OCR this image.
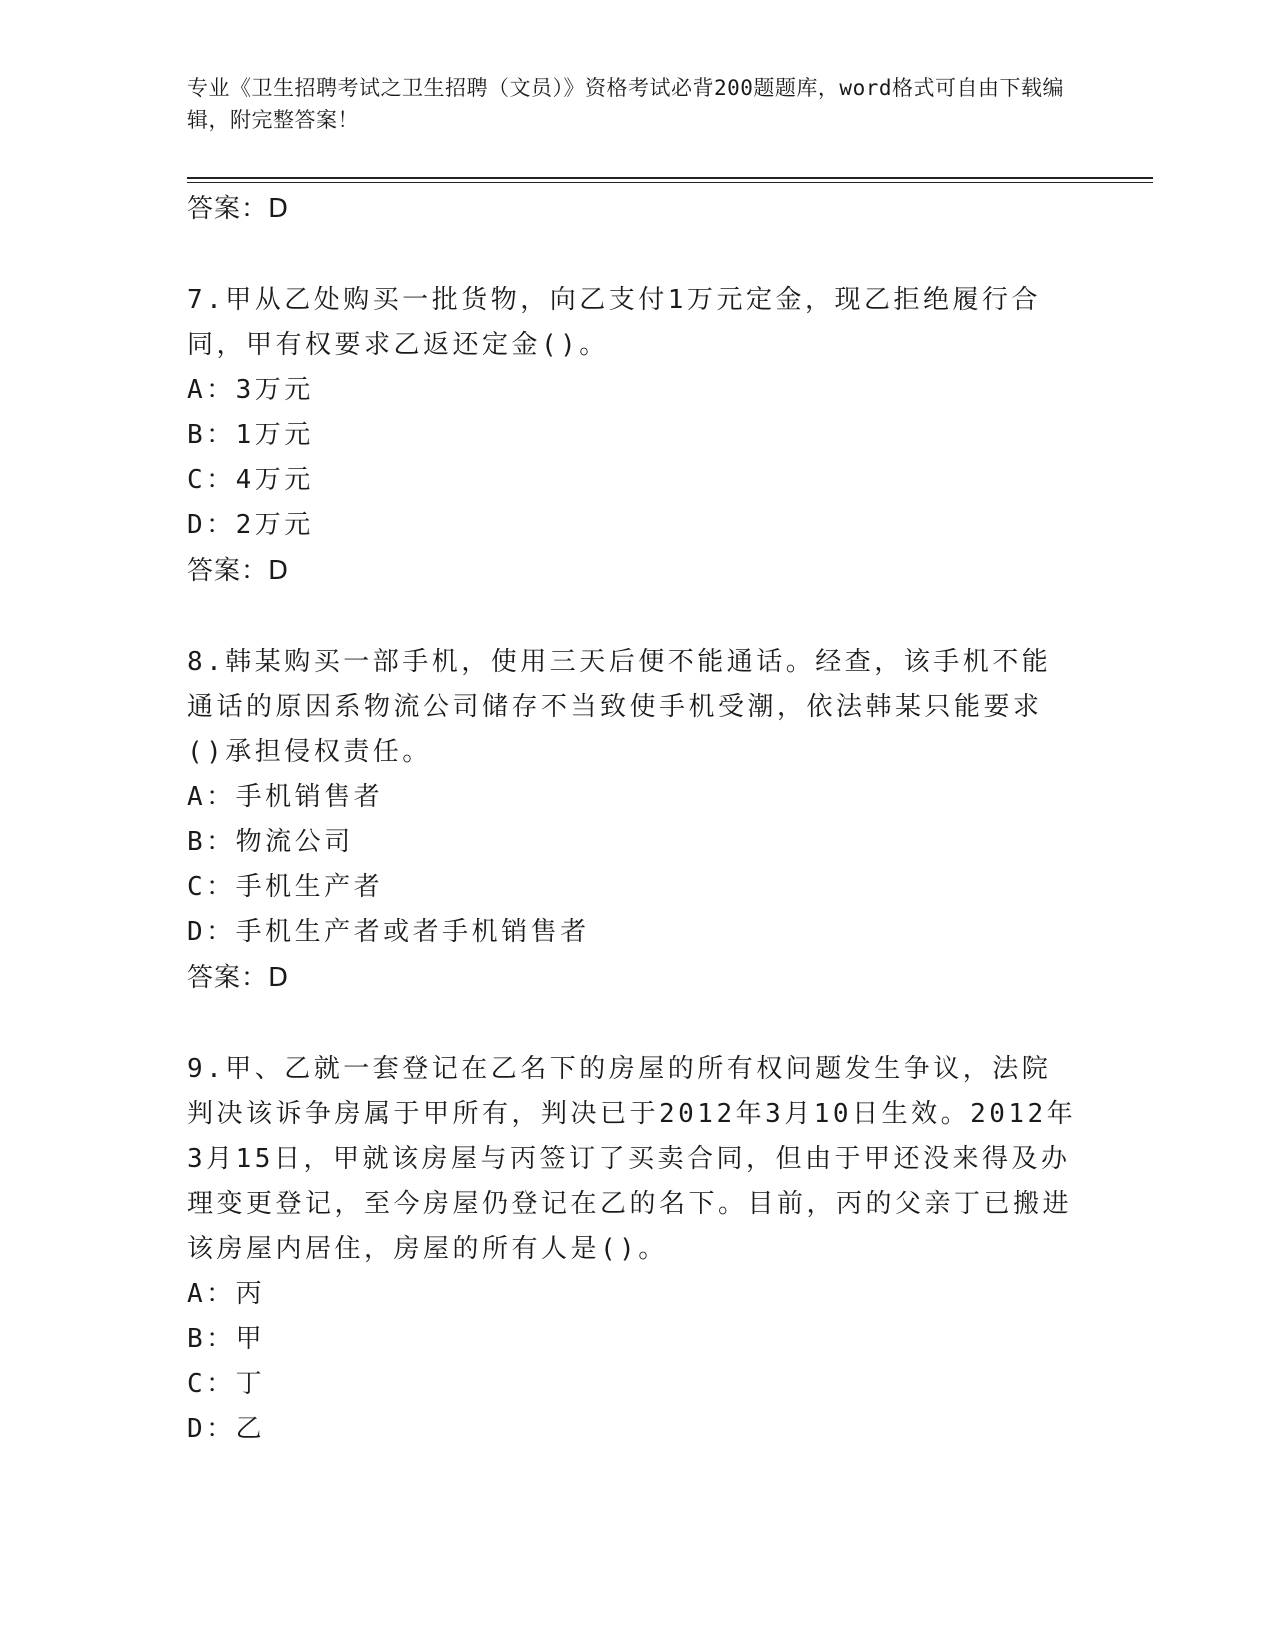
专业《卫生招聘考试之卫生招聘（文员）》资格考试必背200题题库，word格式可自由下载编辑，附完整答案！
答案：D
7.甲从乙处购买一批货物，向乙支付1万元定金，现乙拒绝履行合同，甲有权要求乙返还定金()。
A：3万元
B：1万元
C：4万元
D：2万元
答案：D
8.韩某购买一部手机，使用三天后便不能通话。经查，该手机不能通话的原因系物流公司储存不当致使手机受潮，依法韩某只能要求()承担侵权责任。
A：手机销售者
B：物流公司
C：手机生产者
D：手机生产者或者手机销售者
答案：D
9.甲、乙就一套登记在乙名下的房屋的所有权问题发生争议，法院判决该诉争房属于甲所有，判决已于2012年3月10日生效。2012年3月15日，甲就该房屋与丙签订了买卖合同，但由于甲还没来得及办理变更登记，至今房屋仍登记在乙的名下。目前，丙的父亲丁已搬进该房屋内居住，房屋的所有人是()。
A：丙
B：甲
C：丁
D：乙
